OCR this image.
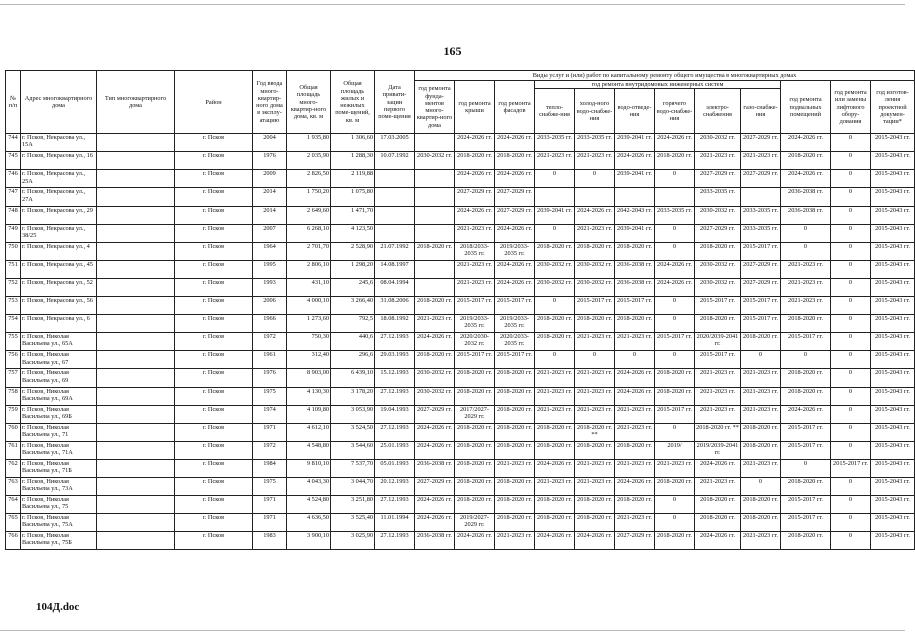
165
№ п/п	Адрес многоквартирного дома	Тип многоквартирного дома	Район	Год ввода много-квартир-ного дома в эксплу-атацию	Общая площадь много-квартир-ного дома, кв. м	Общая площадь жилых и нежилых поме-щений, кв. м	Дата привати-зации первого поме-щения	Виды услуг и (или) работ по капитальному ремонту общего имущества в многоквартирных домах											
								год ремонта фунда-ментов много-квартир-ного дома	год ремонта крыши	год ремонта фасадов	год ремонта внутридомовых инженерных систем						год ремонта подвальных помещений	год ремонта или замены лифтового обору-дования	год изготов-ления проектной докумен-тации*
											тепло-снабже-ния	холод-ного водо-снабже-ния	водо-отведе-ния	горячего водо-снабже-ния	электро-снабжения	газо-снабже-ния			
744	г. Псков, Некрасова ул., 15А		г. Псков	2004	1 935,80	1 306,60	17.03.2005		2024-2026 гг.	2024-2026 гг.	2033-2035 гг.	2033-2035 гг.	2039-2041 гг.	2024-2026 гг.	2030-2032 гг.	2027-2029 гг.	2024-2026 гг.	0	2015-2043 гг.
745	г. Псков, Некрасова ул., 16		г. Псков	1976	2 035,90	1 288,30	10.07.1992	2030-2032 гг.	2018-2020 гг.	2018-2020 гг.	2021-2023 гг.	2021-2023 гг.	2024-2026 гг.	2018-2020 гг.	2021-2023 гг.	2021-2023 гг.	2018-2020 гг.	0	2015-2043 гг.
746	г. Псков, Некрасова ул., 25А		г. Псков	2009	2 826,50	2 119,88			2024-2026 гг.	2024-2026 гг.	0	0	2039-2041 гг.	0	2027-2029 гг.	2027-2029 гг.	2024-2026 гг.	0	2015-2043 гг.
747	г. Псков, Некрасова ул., 27А		г. Псков	2014	1 750,20	1 075,80			2027-2029 гг.	2027-2029 гг.					2033-2035 гг.		2036-2038 гг.	0	2015-2043 гг.
748	г. Псков, Некрасова ул., 29		г. Псков	2014	2 649,60	1 471,70			2024-2026 гг.	2027-2029 гг.	2039-2041 гг.	2024-2026 гг.	2042-2043 гг.	2033-2035 гг.	2030-2032 гг.	2033-2035 гг.	2036-2038 гг.	0	2015-2043 гг.
749	г. Псков, Некрасова ул., 38/25		г. Псков	2007	6 268,10	4 123,50			2021-2023 гг.	2024-2026 гг.	0	2021-2023 гг.	2039-2041 гг.	0	2027-2029 гг.	2033-2035 гг.	0	0	2015-2043 гг.
750	г. Псков, Некрасова ул., 4		г. Псков	1964	2 701,70	2 528,90	21.07.1992	2018-2020 гг.	2018/2033-2035 гг.	2019/2033-2035 гг.	2018-2020 гг.	2018-2020 гг.	2018-2020 гг.	0	2018-2020 гг.	2015-2017 гг.	0	0	2015-2043 гг.
751	г. Псков, Некрасова ул., 45		г. Псков	1995	2 806,10	1 298,20	14.08.1997		2021-2023 гг.	2024-2026 гг.	2030-2032 гг.	2030-2032 гг.	2036-2038 гг.	2024-2026 гг.	2030-2032 гг.	2027-2029 гг.	2021-2023 гг.	0	2015-2043 гг.
752	г. Псков, Некрасова ул., 52		г. Псков	1993	431,10	245,6	08.04.1994		2021-2023 гг.	2024-2026 гг.	2030-2032 гг.	2030-2032 гг.	2036-2038 гг.	2024-2026 гг.	2030-2032 гг.	2027-2029 гг.	2021-2023 гг.	0	2015-2043 гг.
753	г. Псков, Некрасова ул., 56		г. Псков	2006	4 000,10	3 266,40	31.08.2006	2018-2020 гг.	2015-2017 гг.	2015-2017 гг.	0	2015-2017 гг.	2015-2017 гг.	0	2015-2017 гг.	2015-2017 гг.	2021-2023 гг.	0	2015-2043 гг.
754	г. Псков, Некрасова ул., 6		г. Псков	1966	1 273,60	792,5	18.08.1992	2021-2023 гг.	2019/2033-2035 гг.	2019/2033-2035 гг.	2018-2020 гг.	2018-2020 гг.	2018-2020 гг.	0	2018-2020 гг.	2015-2017 гг.	2018-2020 гг.	0	2015-2043 гг.
755	г. Псков, Николая Васильева ул., 65А		г. Псков	1972	750,30	440,6	27.12.1993	2024-2026 гг.	2020/2030-2032 гг.	2020/2033-2035 гг.	2018-2020 гг.	2021-2023 гг.	2021-2023 гг.	2015-2017 гг.	2020/2039-2041 гг.	2018-2020 гг.	2015-2017 гг.	0	2015-2043 гг.
756	г. Псков, Николая Васильева ул., 67		г. Псков	1961	312,40	296,6	29.03.1993	2018-2020 гг.	2015-2017 гг.	2015-2017 гг.	0	0	0	0	2015-2017 гг.	0	0	0	2015-2043 гг.
757	г. Псков, Николая Васильева ул., 69		г. Псков	1976	8 903,00	6 439,10	15.12.1993	2030-2032 гг.	2018-2020 гг.	2018-2020 гг.	2021-2023 гг.	2021-2023 гг.	2024-2026 гг.	2018-2020 гг.	2021-2023 гг.	2021-2023 гг.	2018-2020 гг.	0	2015-2043 гг.
758	г. Псков, Николая Васильева ул., 69А		г. Псков	1975	4 130,30	3 178,20	27.12.1993	2030-2032 гг.	2018-2020 гг.	2018-2020 гг.	2021-2023 гг.	2021-2023 гг.	2024-2026 гг.	2018-2020 гг.	2021-2023 гг.	2021-2023 гг.	2018-2020 гг.	0	2015-2043 гг.
759	г. Псков, Николая Васильева ул., 69Б		г. Псков	1974	4 109,80	3 053,90	19.04.1993	2027-2029 гг.	2017/2027-2029 гг.	2018-2020 гг.	2021-2023 гг.	2021-2023 гг.	2021-2023 гг.	2015-2017 гг.	2021-2023 гг.	2021-2023 гг.	2024-2026 гг.	0	2015-2043 гг.
760	г. Псков, Николая Васильева ул., 71		г. Псков	1971	4 612,10	3 524,50	27.12.1993	2024-2026 гг.	2018-2020 гг.	2018-2020 гг.	2018-2020 гг.	2018-2020 гг. **	2021-2023 гг.	0	2018-2020 гг. **	2018-2020 гг.	2015-2017 гг.	0	2015-2043 гг.
761	г. Псков, Николая Васильева ул., 71А		г. Псков	1972	4 548,80	3 544,60	25.01.1993	2024-2026 гг.	2018-2020 гг.	2018-2020 гг.	2018-2020 гг.	2018-2020 гг.	2018-2020 гг.	2019/	2019/2039-2041 гг.	2018-2020 гг.	2015-2017 гг.	0	2015-2043 гг.
762	г. Псков, Николая Васильева ул., 71Б		г. Псков	1984	9 810,10	7 537,70	05.01.1993	2036-2038 гг.	2018-2020 гг.	2021-2023 гг.	2024-2026 гг.	2021-2023 гг.	2021-2023 гг.	2021-2023 гг.	2024-2026 гг.	2021-2023 гг.	0	2015-2017 гг.	2015-2043 гг.
763	г. Псков, Николая Васильева ул., 73А		г. Псков	1975	4 043,30	3 044,70	20.12.1993	2027-2029 гг.	2018-2020 гг.	2018-2020 гг.	2021-2023 гг.	2021-2023 гг.	2024-2026 гг.	2018-2020 гг.	2021-2023 гг.	0	2018-2020 гг.	0	2015-2043 гг.
764	г. Псков, Николая Васильева ул., 75		г. Псков	1971	4 524,80	3 251,80	27.12.1993	2024-2026 гг.	2018-2020 гг.	2018-2020 гг.	2018-2020 гг.	2018-2020 гг.	2018-2020 гг.	0	2018-2020 гг.	2018-2020 гг.	2015-2017 гг.	0	2015-2043 гг.
765	г. Псков, Николая Васильева ул., 75А		г. Псков	1971	4 636,50	3 525,40	11.01.1994	2024-2026 гг.	2019/2027-2029 гг.	2018-2020 гг.	2018-2020 гг.	2018-2020 гг.	2021-2023 гг.	0	2018-2020 гг.	2018-2020 гг.	2015-2017 гг.	0	2015-2043 гг.
766	г. Псков, Николая Васильева ул., 75Б		г. Псков	1983	3 900,10	3 025,90	27.12.1993	2036-2038 гг.	2024-2026 гг.	2021-2023 гг.	2024-2026 гг.	2024-2026 гг.	2027-2029 гг.	2018-2020 гг.	2024-2026 гг.	2021-2023 гг.	2018-2020 гг.	0	2015-2043 гг.
104Д.doc
